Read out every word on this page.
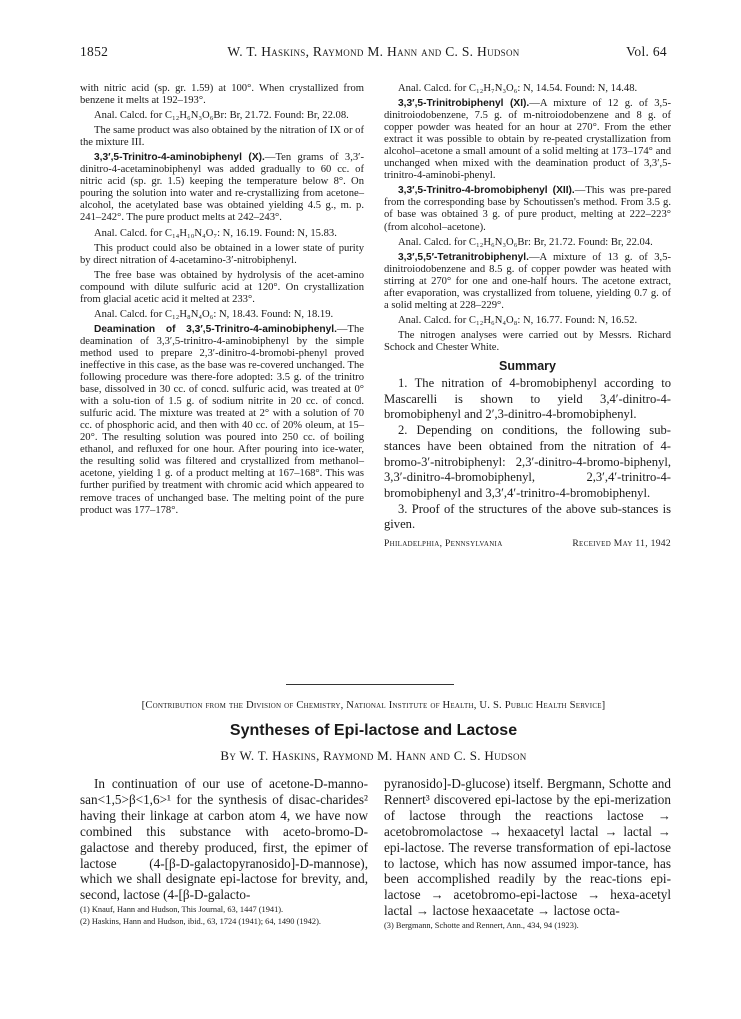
1852	W. T. Haskins, Raymond M. Hann and C. S. Hudson	Vol. 64

with nitric acid (sp. gr. 1.59) at 100°. When crystallized from benzene it melts at 192–193°.

Anal. Calcd. for C₁₂H₆N₃O₆Br: Br, 21.72. Found: Br, 22.08.

The same product was also obtained by the nitration of IX or of the mixture III.

3,3′,5-Trinitro-4-aminobiphenyl (X).—Ten grams of 3,3′-dinitro-4-acetaminobiphenyl was added gradually to 60 cc. of nitric acid (sp. gr. 1.5) keeping the temperature below 8°. On pouring the solution into water and re-crystallizing from acetone–alcohol, the acetylated base was obtained yielding 4.5 g., m. p. 241–242°. The pure product melts at 242–243°.

Anal. Calcd. for C₁₄H₁₀N₄O₇: N, 16.19. Found: N, 15.83.

This product could also be obtained in a lower state of purity by direct nitration of 4-acetamino-3′-nitrobiphenyl.

The free base was obtained by hydrolysis of the acet-amino compound with dilute sulfuric acid at 120°. On crystallization from glacial acetic acid it melted at 233°.

Anal. Calcd. for C₁₂H₈N₄O₆: N, 18.43. Found: N, 18.19.

Deamination of 3,3′,5-Trinitro-4-aminobiphenyl.—The deamination of 3,3′,5-trinitro-4-aminobiphenyl by the simple method used to prepare 2,3′-dinitro-4-bromobi-phenyl proved ineffective in this case, as the base was re-covered unchanged. The following procedure was there-fore adopted: 3.5 g. of the trinitro base, dissolved in 30 cc. of concd. sulfuric acid, was treated at 0° with a solu-tion of 1.5 g. of sodium nitrite in 20 cc. of concd. sulfuric acid. The mixture was treated at 2° with a solution of 70 cc. of phosphoric acid, and then with 40 cc. of 20% oleum, at 15–20°. The resulting solution was poured into 250 cc. of boiling ethanol, and refluxed for one hour. After pouring into ice-water, the resulting solid was filtered and crystallized from methanol–acetone, yielding 1 g. of a product melting at 167–168°. This was further purified by treatment with chromic acid which appeared to remove traces of unchanged base. The melting point of the pure product was 177–178°.

Anal. Calcd. for C₁₂H₇N₃O₆: N, 14.54. Found: N, 14.48.

3,3′,5-Trinitrobiphenyl (XI).—A mixture of 12 g. of 3,5-dinitroiodobenzene, 7.5 g. of m-nitroiodobenzene and 8 g. of copper powder was heated for an hour at 270°. From the ether extract it was possible to obtain by re-peated crystallization from alcohol–acetone a small amount of a solid melting at 173–174° and unchanged when mixed with the deamination product of 3,3′,5-trinitro-4-aminobi-phenyl.

3,3′,5-Trinitro-4-bromobiphenyl (XII).—This was pre-pared from the corresponding base by Schoutissen's method. From 3.5 g. of base was obtained 3 g. of pure product, melting at 222–223° (from alcohol–acetone).

Anal. Calcd. for C₁₂H₆N₃O₆Br: Br, 21.72. Found: Br, 22.04.

3,3′,5,5′-Tetranitrobiphenyl.—A mixture of 13 g. of 3,5-dinitroiodobenzene and 8.5 g. of copper powder was heated with stirring at 270° for one and one-half hours. The acetone extract, after evaporation, was crystallized from toluene, yielding 0.7 g. of a solid melting at 228–229°.

Anal. Calcd. for C₁₂H₆N₄O₈: N, 16.77. Found: N, 16.52.

The nitrogen analyses were carried out by Messrs. Richard Schock and Chester White.

Summary

1. The nitration of 4-bromobiphenyl according to Mascarelli is shown to yield 3,4′-dinitro-4-bromobiphenyl and 2′,3-dinitro-4-bromobiphenyl.

2. Depending on conditions, the following sub-stances have been obtained from the nitration of 4-bromo-3′-nitrobiphenyl: 2,3′-dinitro-4-bromo-biphenyl, 3,3′-dinitro-4-bromobiphenyl, 2,3′,4′-trinitro-4-bromobiphenyl and 3,3′,4′-trinitro-4-bromobiphenyl.

3. Proof of the structures of the above sub-stances is given.

Philadelphia, Pennsylvania	Received May 11, 1942

[Contribution from the Division of Chemistry, National Institute of Health, U. S. Public Health Service]
Syntheses of Epi-lactose and Lactose
By W. T. Haskins, Raymond M. Hann and C. S. Hudson

In continuation of our use of acetone-D-manno-san<1,5>β<1,6>¹ for the synthesis of disac-charides² having their linkage at carbon atom 4, we have now combined this substance with aceto-bromo-D-galactose and thereby produced, first, the epimer of lactose (4-[β-D-galactopyranosido]-D-mannose), which we shall designate epi-lactose for brevity, and, second, lactose (4-[β-D-galacto-

(1) Knauf, Hann and Hudson, This Journal, 63, 1447 (1941).

(2) Haskins, Hann and Hudson, ibid., 63, 1724 (1941); 64, 1490 (1942).

pyranosido]-D-glucose) itself. Bergmann, Schotte and Rennert³ discovered epi-lactose by the epi-merization of lactose through the reactions lactose → acetobromolactose → hexaacetyl lactal → lactal → epi-lactose. The reverse transformation of epi-lactose to lactose, which has now assumed impor-tance, has been accomplished readily by the reac-tions epi-lactose → acetobromo-epi-lactose → hexa-acetyl lactal → lactose hexaacetate → lactose octa-

(3) Bergmann, Schotte and Rennert, Ann., 434, 94 (1923).
